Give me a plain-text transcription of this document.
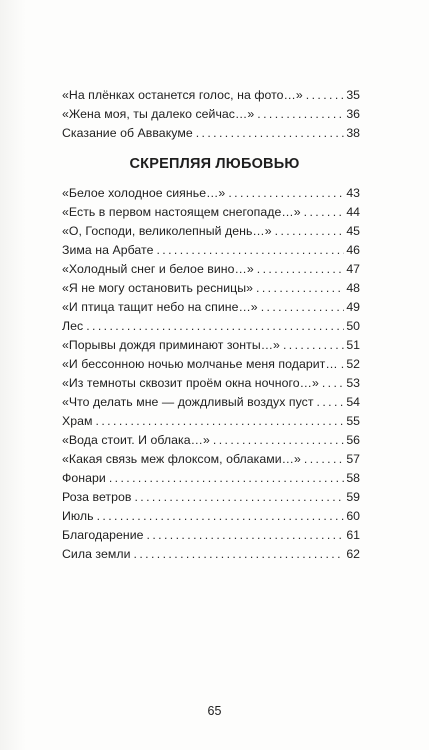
«На плёнках останется голос, на фото…» .....	35
«Жена моя, ты далеко сейчас…» .....	36
Сказание об Аввакуме .....	38
СКРЕПЛЯЯ ЛЮБОВЬЮ
«Белое холодное сиянье…» .....	43
«Есть в первом настоящем снегопаде…» .....	44
«О, Господи, великолепный день…» .....	45
Зима на Арбате .....	46
«Холодный снег и белое вино…» .....	47
«Я не могу остановить ресницы» .....	48
«И птица тащит небо на спине…» .....	49
Лес .....	50
«Порывы дождя приминают зонты…» .....	51
«И бессонною ночью молчанье меня подарит… ..... 52
«Из темноты сквозит проём окна ночного…» ..... 53
«Что делать мне — дождливый воздух пуст .....	54
Храм .....	55
«Вода стоит. И облака…» .....	56
«Какая связь меж флоксом, облаками…» .....	57
Фонари .....	58
Роза ветров .....	59
Июль .....	60
Благодарение .....	61
Сила земли .....	62
65
